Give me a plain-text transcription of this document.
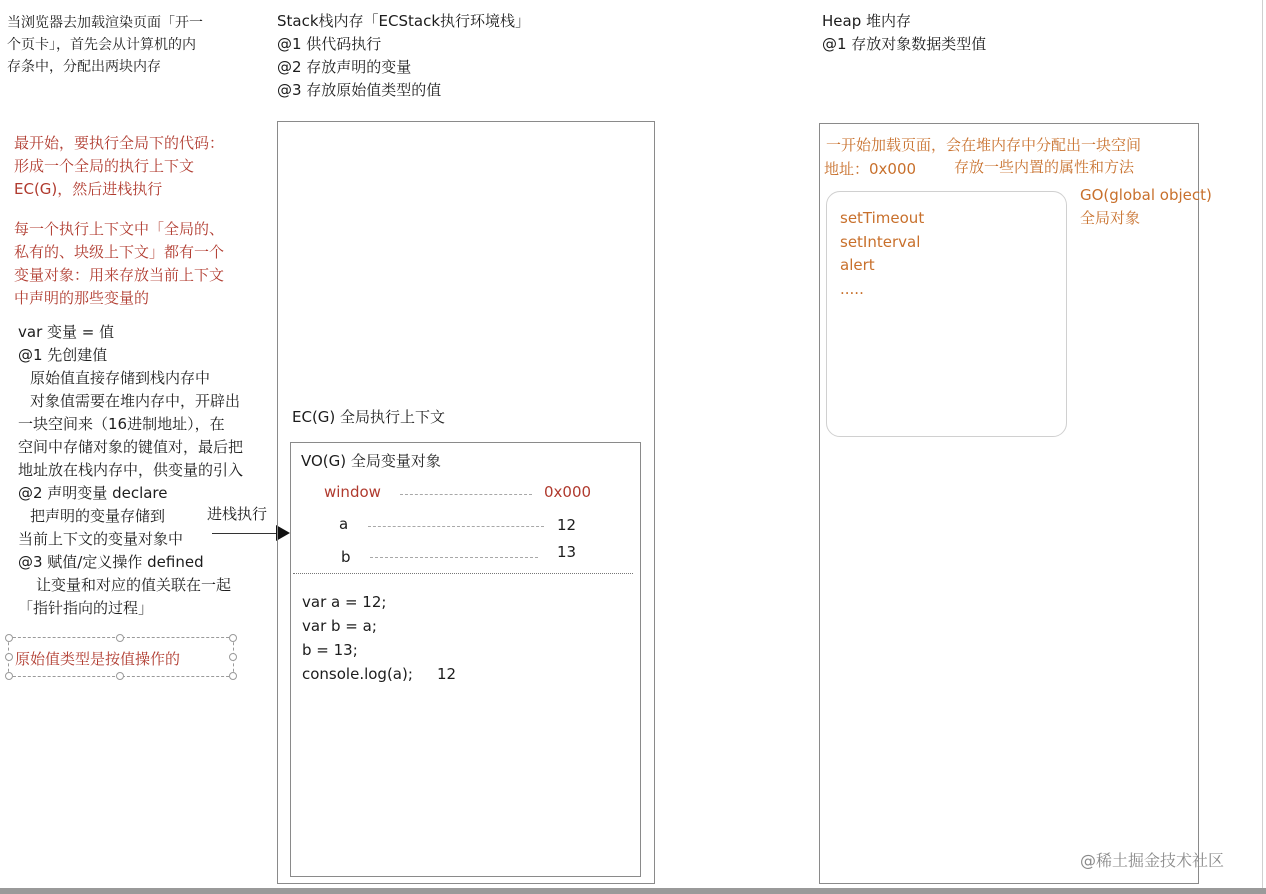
当浏览器去加载渲染页面「开一
个页卡」，首先会从计算机的内
存条中，分配出两块内存
Stack栈内存「ECStack执行环境栈」
@1 供代码执行
@2 存放声明的变量
@3 存放原始值类型的值
Heap 堆内存
@1 存放对象数据类型值
最开始，要执行全局下的代码：
形成一个全局的执行上下文
EC(G)，然后进栈执行
每一个执行上下文中「全局的、
私有的、块级上下文」都有一个
变量对象：用来存放当前上下文
中声明的那些变量的
var 变量 = 值
@1 先创建值
原始值直接存储到栈内存中
对象值需要在堆内存中，开辟出
一块空间来（16进制地址），在
空间中存储对象的键值对，最后把
地址放在栈内存中，供变量的引入
@2 声明变量 declare
把声明的变量存储到
当前上下文的变量对象中
@3 赋值/定义操作 defined
让变量和对应的值关联在一起
「指针指向的过程」
原始值类型是按值操作的
进栈执行
EC(G) 全局执行上下文
VO(G) 全局变量对象
window	0x000
a	12
b	13
var a = 12;
var b = a;
b = 13;
console.log(a); 12
一开始加载页面，会在堆内存中分配出一块空间
地址：0x000	存放一些内置的属性和方法
GO(global object)
全局对象
setTimeout
setInterval
alert
.....
@稀土掘金技术社区
